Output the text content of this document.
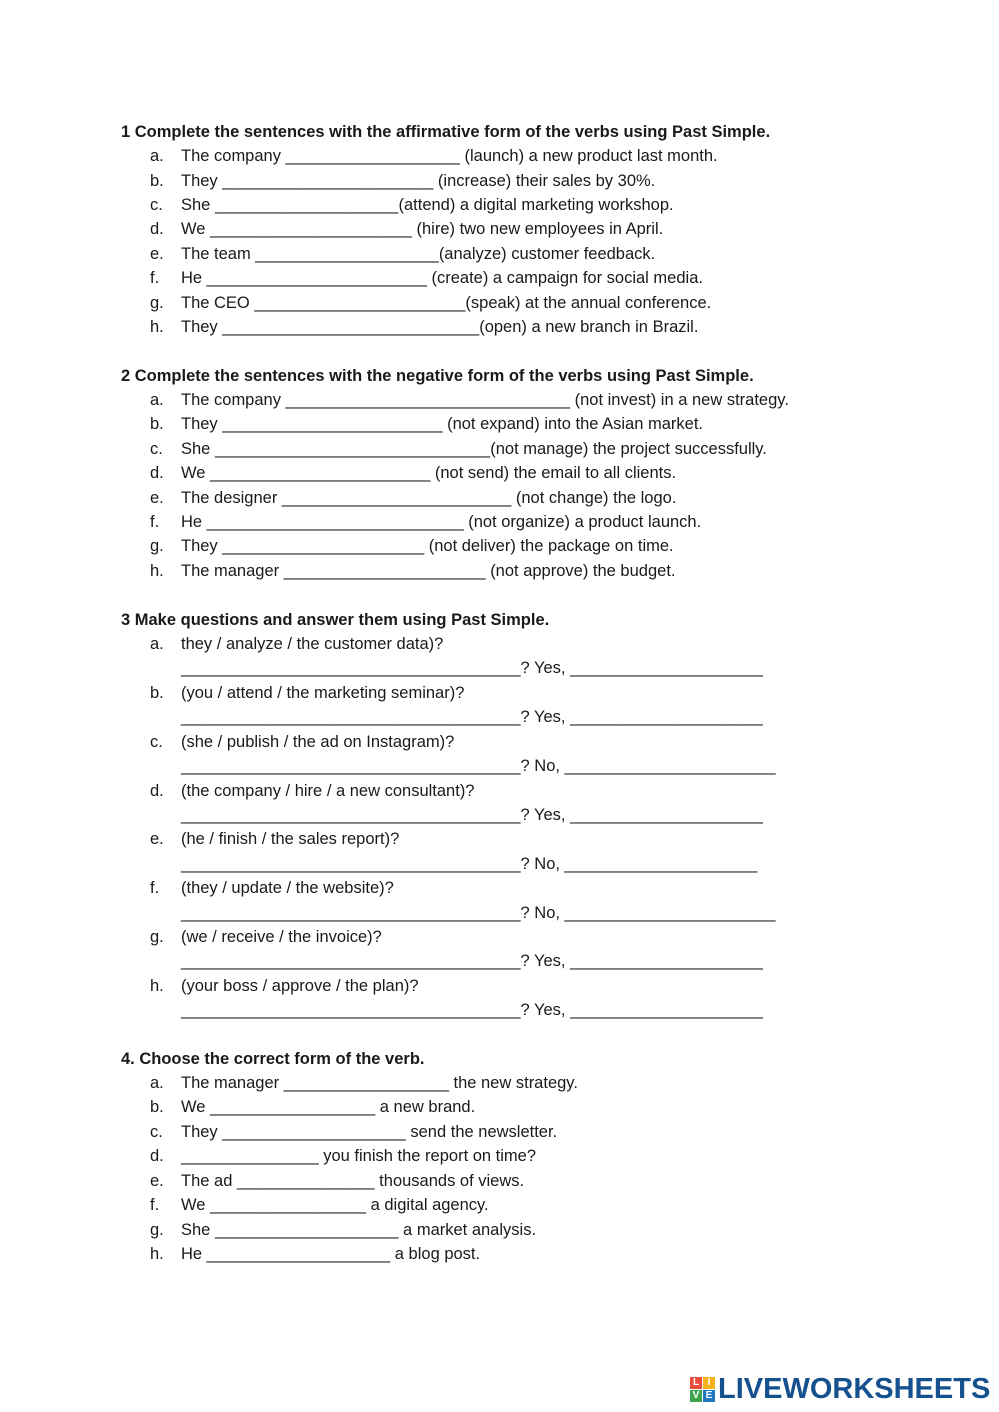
1 Complete the sentences with the affirmative form of the verbs using Past Simple.
a. The company ___________________ (launch) a new product last month.
b. They _______________________ (increase) their sales by 30%.
c. She ____________________(attend) a digital marketing workshop.
d. We ______________________ (hire) two new employees in April.
e. The team ____________________(analyze) customer feedback.
f. He ________________________ (create) a campaign for social media.
g. The CEO _______________________(speak) at the annual conference.
h. They ____________________________(open) a new branch in Brazil.
2 Complete the sentences with the negative form of the verbs using Past Simple.
a. The company _______________________________ (not invest) in a new strategy.
b. They ________________________ (not expand) into the Asian market.
c. She ______________________________(not manage) the project successfully.
d. We ________________________ (not send) the email to all clients.
e. The designer _________________________ (not change) the logo.
f. He ____________________________ (not organize) a product launch.
g. They ______________________ (not deliver) the package on time.
h. The manager ______________________ (not approve) the budget.
3 Make questions and answer them using Past Simple.
a. they / analyze / the customer data)?
_____________________________________? Yes, _____________________
b. (you / attend / the marketing seminar)?
_____________________________________? Yes, _____________________
c. (she / publish / the ad on Instagram)?
_____________________________________? No, _______________________
d. (the company / hire / a new consultant)?
_____________________________________? Yes, _____________________
e. (he / finish / the sales report)?
_____________________________________? No, _____________________
f. (they / update / the website)?
_____________________________________? No, _______________________
g. (we / receive / the invoice)?
_____________________________________? Yes, _____________________
h. (your boss / approve / the plan)?
_____________________________________? Yes, _____________________
4. Choose the correct form of the verb.
a. The manager __________________ the new strategy.
b. We __________________ a new brand.
c. They ____________________ send the newsletter.
d. _______________ you finish the report on time?
e. The ad _______________ thousands of views.
f. We _________________ a digital agency.
g. She ____________________ a market analysis.
h. He ____________________ a blog post.
L I
V E LIVEWORKSHEETS
